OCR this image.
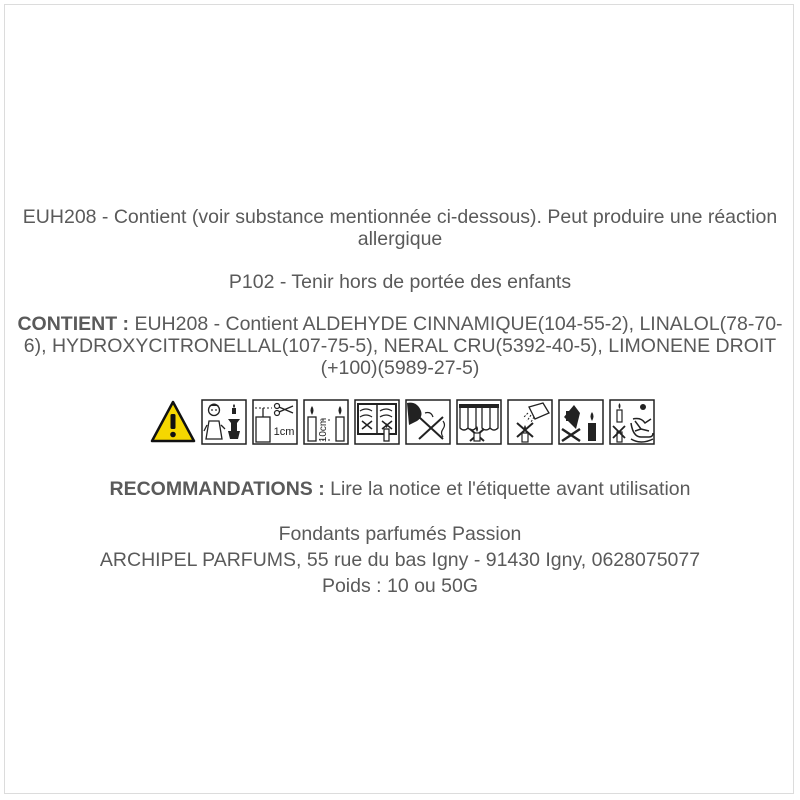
EUH208 - Contient (voir substance mentionnée ci-dessous). Peut produire une réaction allergique

P102 - Tenir hors de portée des enfants

CONTIENT : EUH208 - Contient ALDEHYDE CINNAMIQUE(104-55-2), LINALOL(78-70-6), HYDROXYCITRONELLAL(107-75-5), NERAL CRU(5392-40-5), LIMONENE DROIT (+100)(5989-27-5)

1cm 10cm

RECOMMANDATIONS : Lire la notice et l'étiquette avant utilisation

Fondants parfumés Passion

ARCHIPEL PARFUMS, 55 rue du bas Igny - 91430 Igny, 0628075077

Poids : 10 ou 50G
